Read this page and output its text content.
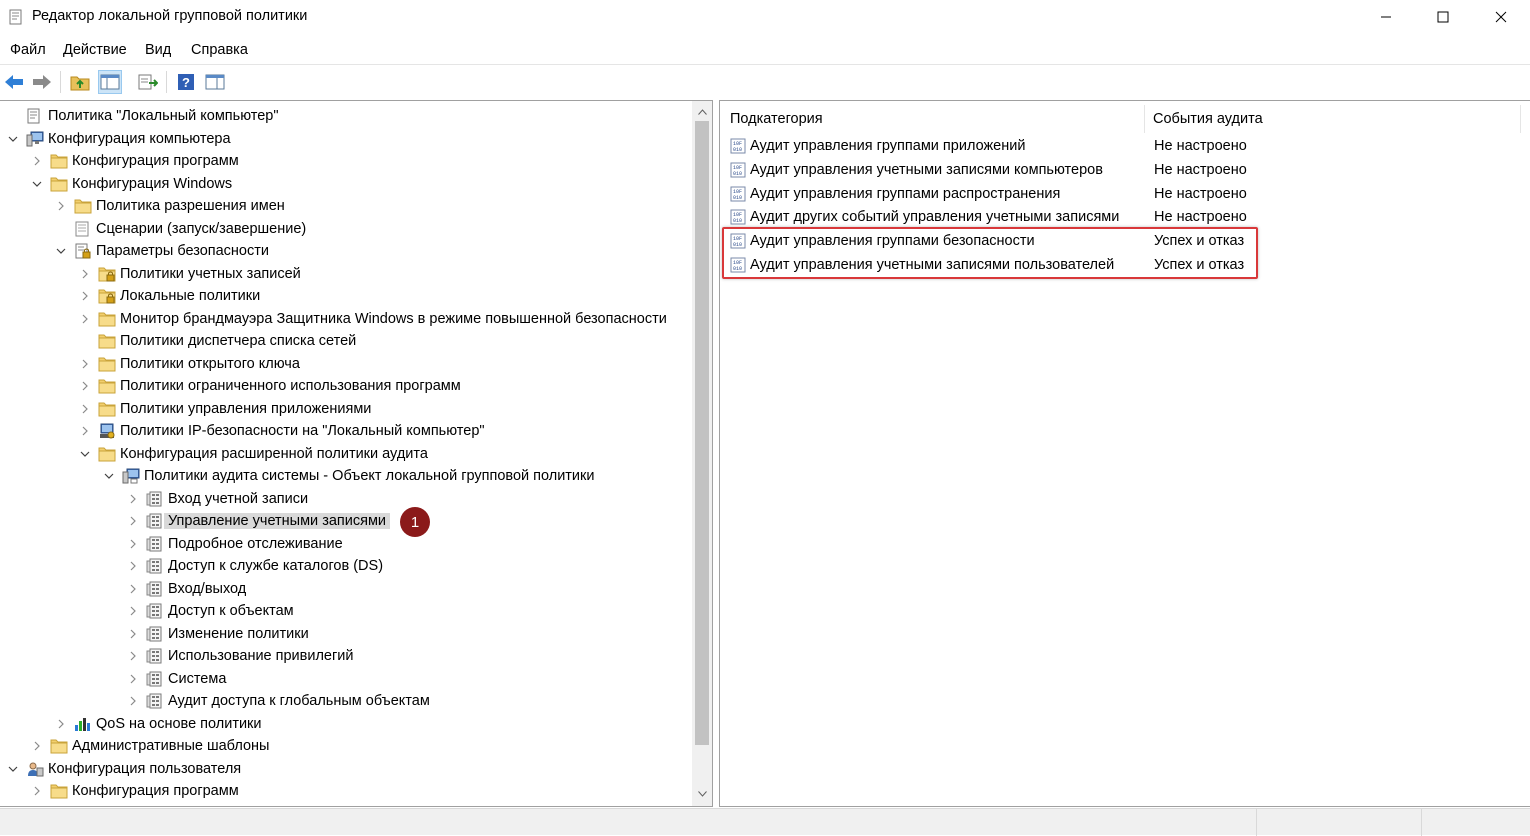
Редактор локальной групповой политики
Файл Действие Вид Справка
?
Политика "Локальный компьютер"
Конфигурация компьютера
Конфигурация программ
Конфигурация Windows
Политика разрешения имен
Сценарии (запуск/завершение)
Параметры безопасности
Политики учетных записей
Локальные политики
Монитор брандмауэра Защитника Windows в режиме повышенной безопасности
Политики диспетчера списка сетей
Политики открытого ключа
Политики ограниченного использования программ
Политики управления приложениями
Политики IP-безопасности на "Локальный компьютер"
Конфигурация расширенной политики аудита
Политики аудита системы - Объект локальной групповой политики
Вход учетной записи
Управление учетными записями
Подробное отслеживание
Доступ к службе каталогов (DS)
Вход/выход
Доступ к объектам
Изменение политики
Использование привилегий
Система
Аудит доступа к глобальным объектам
QoS на основе политики
Административные шаблоны
Конфигурация пользователя
Конфигурация программ
1
Подкатегория	События аудита
10F
010 Аудит управления группами приложений	Не настроено
10F
010 Аудит управления учетными записями компьютеров	Не настроено
10F
010 Аудит управления группами распространения	Не настроено
10F
010 Аудит других событий управления учетными записями Не настроено
10F
010 Аудит управления группами безопасности	Успех и отказ
10F
010 Аудит управления учетными записями пользователей	Успех и отказ
